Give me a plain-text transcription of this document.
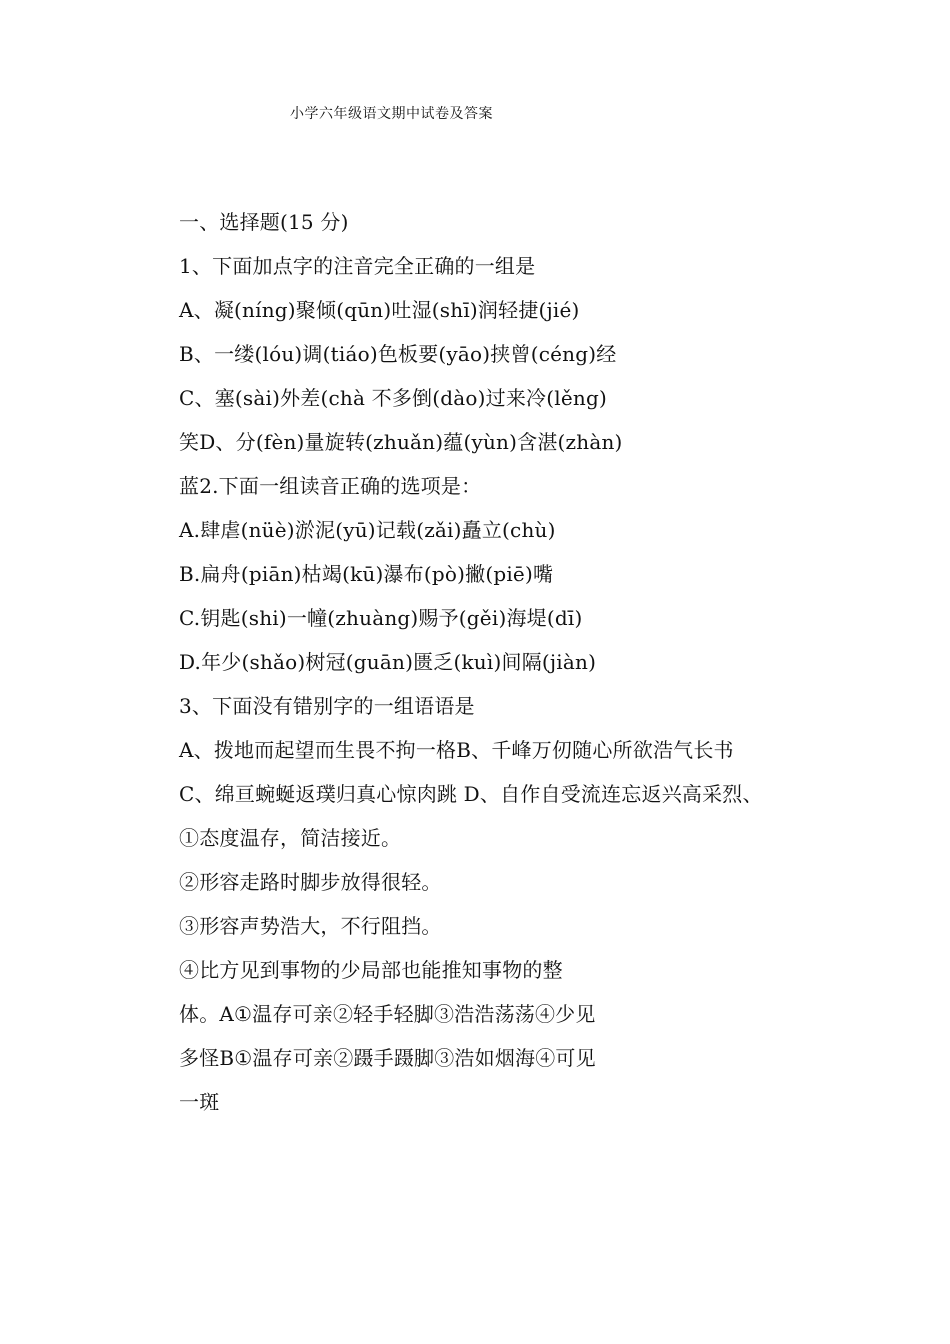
小学六年级语文期中试卷及答案
一、选择题(15 分)
1、下面加点字的注音完全正确的一组是
A、凝(níng)聚倾(qūn)吐湿(shī)润轻捷(jié)
B、一缕(lóu)调(tiáo)色板要(yāo)挟曾(céng)经
C、塞(sài)外差(chà 不多倒(dào)过来冷(lěng)
笑D、分(fèn)量旋转(zhuǎn)蕴(yùn)含湛(zhàn)
蓝2.下面一组读音正确的选项是：
A.肆虐(nüè)淤泥(yū)记载(zǎi)矗立(chù)
B.扁舟(piān)枯竭(kū)瀑布(pò)撇(piē)嘴
C.钥匙(shi)一幢(zhuàng)赐予(gěi)海堤(dī)
D.年少(shǎo)树冠(guān)匮乏(kuì)间隔(jiàn)
3、下面没有错别字的一组语语是
A、拨地而起望而生畏不拘一格B、千峰万仞随心所欲浩气长书
C、绵亘蜿蜒返璞归真心惊肉跳 D、自作自受流连忘返兴高采烈、
①态度温存，简洁接近。
②形容走路时脚步放得很轻。
③形容声势浩大，不行阻挡。
④比方见到事物的少局部也能推知事物的整
体。A①温存可亲②轻手轻脚③浩浩荡荡④少见
多怪B①温存可亲②蹑手蹑脚③浩如烟海④可见
一斑
